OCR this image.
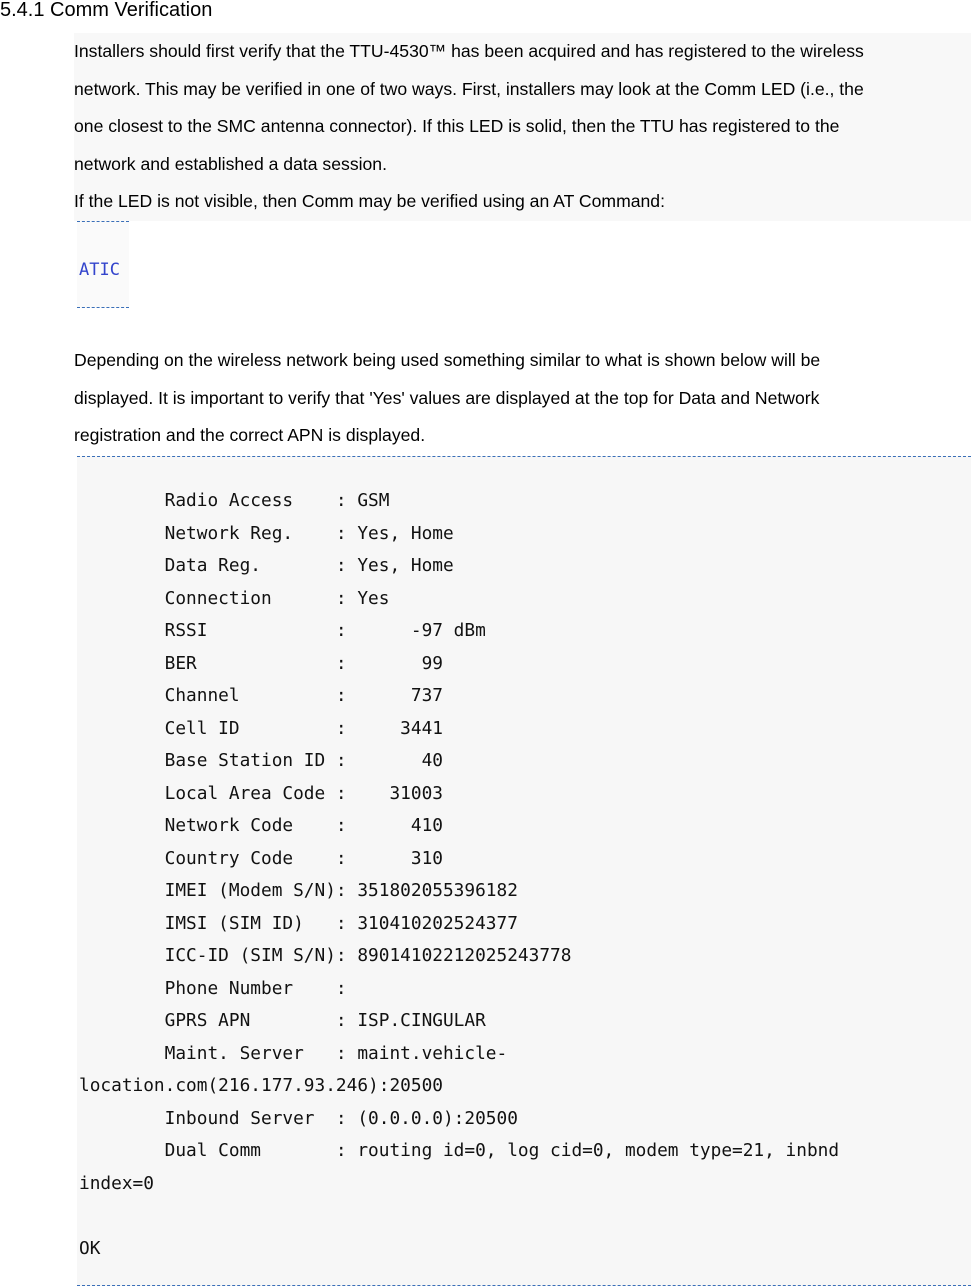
5.4.1 Comm Verification
Installers should first verify that the TTU-4530™ has been acquired and has registered to the wireless
network. This may be verified in one of two ways. First, installers may look at the Comm LED (i.e., the
one closest to the SMC antenna connector). If this LED is solid, then the TTU has registered to the
network and established a data session.
If the LED is not visible, then Comm may be verified using an AT Command:
ATIC
Depending on the wireless network being used something similar to what is shown below will be
displayed. It is important to verify that 'Yes' values are displayed at the top for Data and Network
registration and the correct APN is displayed.
Radio Access    : GSM
Network Reg.    : Yes, Home
Data Reg.       : Yes, Home
Connection      : Yes
RSSI            :      -97 dBm
BER             :       99
Channel         :      737
Cell ID         :     3441
Base Station ID :       40
Local Area Code :    31003
Network Code    :      410
Country Code    :      310
IMEI (Modem S/N): 351802055396182
IMSI (SIM ID)   : 310410202524377
ICC-ID (SIM S/N): 89014102212025243778
Phone Number    :
GPRS APN        : ISP.CINGULAR
Maint. Server   : maint.vehicle-
location.com(216.177.93.246):20500
Inbound Server  : (0.0.0.0):20500
Dual Comm       : routing id=0, log cid=0, modem type=21, inbnd
index=0

OK
